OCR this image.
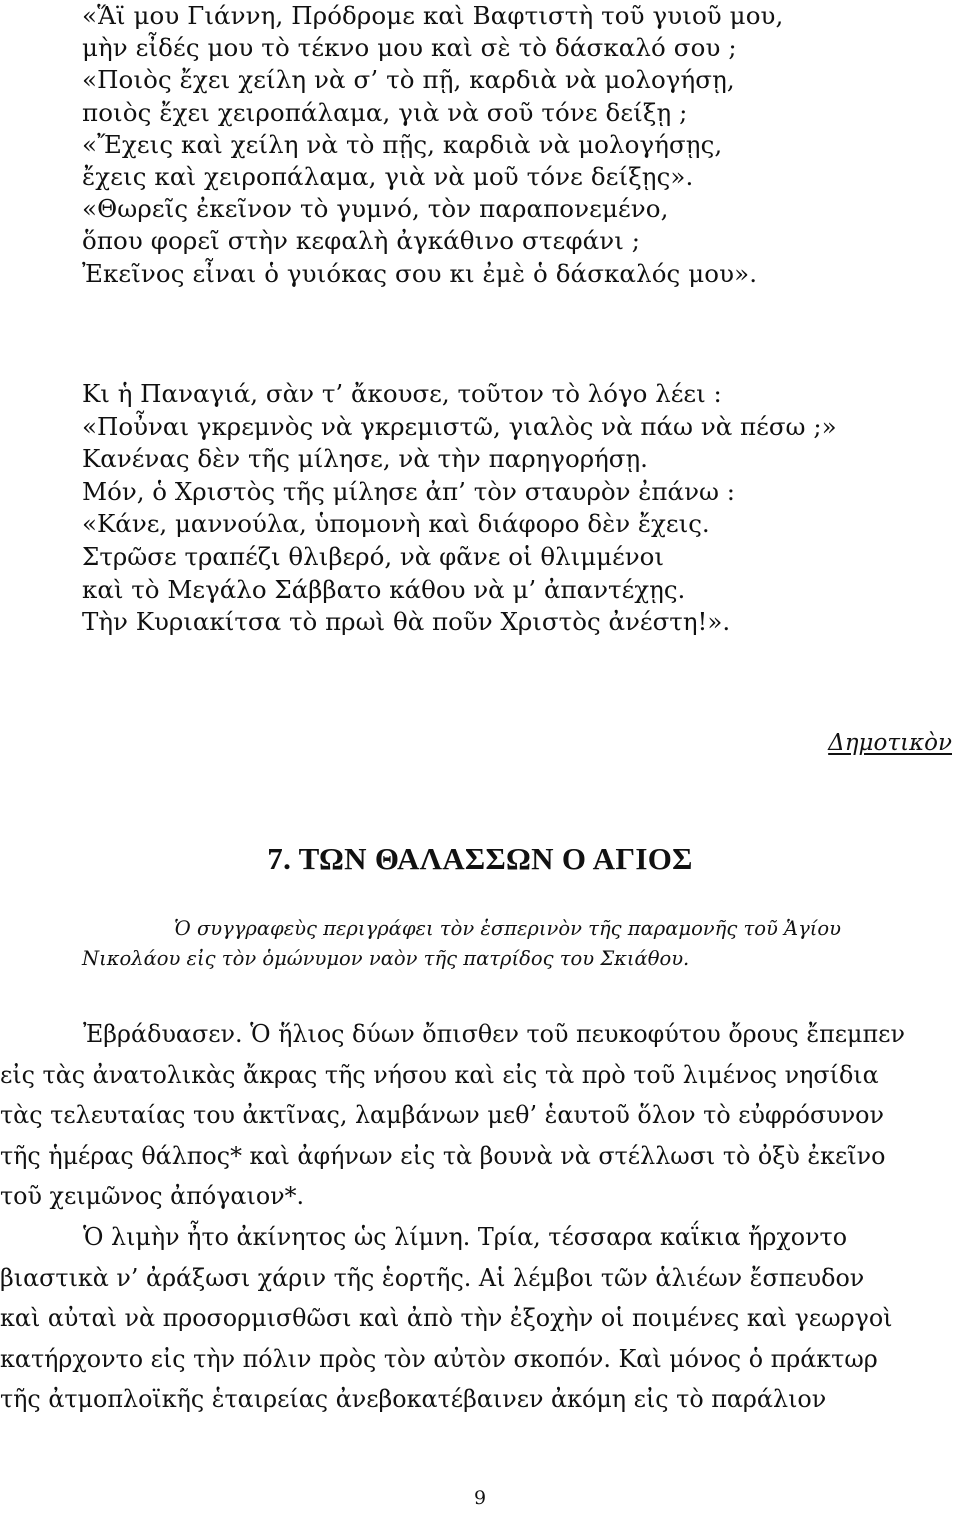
«Ἅϊ μου Γιάννη, Πρόδρομε καὶ Βαφτιστὴ τοῦ γυιοῦ μου,
μὴν εἶδές μου τὸ τέκνο μου καὶ σὲ τὸ δάσκαλό σου ;
«Ποιὸς ἔχει χείλη νὰ σ’ τὸ πῇ, καρδιὰ νὰ μολογήσῃ,
ποιὸς ἔχει χειροπάλαμα, γιὰ νὰ σοῦ τόνε δείξῃ ;
«Ἔχεις καὶ χείλη νὰ τὸ πῇς, καρδιὰ νὰ μολογήσῃς,
ἔχεις καὶ χειροπάλαμα, γιὰ νὰ μοῦ τόνε δείξῃς».
«Θωρεῖς ἐκεῖνον τὸ γυμνό, τὸν παραπονεμένο,
ὅπου φορεῖ στὴν κεφαλὴ ἀγκάθινο στεφάνι ;
Ἐκεῖνος εἶναι ὁ γυιόκας σου κι ἐμὲ ὁ δάσκαλός μου».
Κι ἡ Παναγιά, σὰν τ’ ἄκουσε, τοῦτον τὸ λόγο λέει :
«Ποὖναι γκρεμνὸς νὰ γκρεμιστῶ, γιαλὸς νὰ πάω νὰ πέσω ;»
Κανένας δὲν τῆς μίλησε, νὰ τὴν παρηγορήσῃ.
Μόν, ὁ Χριστὸς τῆς μίλησε ἀπ’ τὸν σταυρὸν ἐπάνω :
«Κάνε, μαννούλα, ὑπομονὴ καὶ διάφορο δὲν ἔχεις.
Στρῶσε τραπέζι θλιβερό, νὰ φᾶνε οἱ θλιμμένοι
καὶ τὸ Μεγάλο Σάββατο κάθου νὰ μ’ ἀπαντέχῃς.
Τὴν Κυριακίτσα τὸ πρωὶ θὰ ποῦν Χριστὸς ἀνέστη!».
Δημοτικὸν
7. ΤΩΝ ΘΑΛΑΣΣΩΝ Ο ΑΓΙΟΣ
Ὁ συγγραφεὺς περιγράφει τὸν ἑσπερινὸν τῆς παραμονῆς τοῦ Ἁγίου
Νικολάου εἰς τὸν ὁμώνυμον ναὸν τῆς πατρίδος του Σκιάθου.
Ἐβράδυασεν. Ὁ ἥλιος δύων ὄπισθεν τοῦ πευκοφύτου ὄρους ἔπεμπεν
εἰς τὰς ἀνατολικὰς ἄκρας τῆς νήσου καὶ εἰς τὰ πρὸ τοῦ λιμένος νησίδια
τὰς τελευταίας του ἀκτῖνας, λαμβάνων μεθ’ ἑαυτοῦ ὅλον τὸ εὐφρόσυνον
τῆς ἡμέρας θάλπος* καὶ ἀφήνων εἰς τὰ βουνὰ νὰ στέλλωσι τὸ ὀξὺ ἐκεῖνο
τοῦ χειμῶνος ἀπόγαιον*.
Ὁ λιμὴν ἦτο ἀκίνητος ὡς λίμνη. Τρία, τέσσαρα καΐκια ἤρχοντο
βιαστικὰ ν’ ἀράξωσι χάριν τῆς ἑορτῆς. Αἱ λέμβοι τῶν ἁλιέων ἔσπευδον
καὶ αὐταὶ νὰ προσορμισθῶσι καὶ ἀπὸ τὴν ἐξοχὴν οἱ ποιμένες καὶ γεωργοὶ
κατήρχοντο εἰς τὴν πόλιν πρὸς τὸν αὐτὸν σκοπόν. Καὶ μόνος ὁ πράκτωρ
τῆς ἀτμοπλοϊκῆς ἑταιρείας ἀνεβοκατέβαινεν ἀκόμη εἰς τὸ παράλιον
9
